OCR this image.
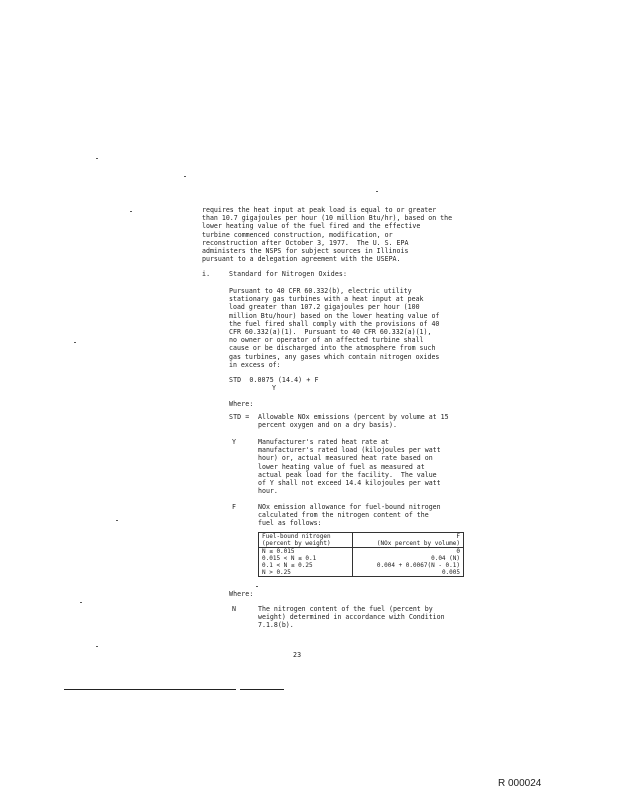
requires the heat input at peak load is equal to or greater
than 10.7 gigajoules per hour (10 million Btu/hr), based on the
lower heating value of the fuel fired and the effective
turbine commenced construction, modification, or
reconstruction after October 3, 1977.  The U. S. EPA
administers the NSPS for subject sources in Illinois
pursuant to a delegation agreement with the USEPA.
i.	Standard for Nitrogen Oxides:
Pursuant to 40 CFR 60.332(b), electric utility
stationary gas turbines with a heat input at peak
load greater than 107.2 gigajoules per hour (100
million Btu/hour) based on the lower heating value of
the fuel fired shall comply with the provisions of 40
CFR 60.332(a)(1).  Pursuant to 40 CFR 60.332(a)(1),
no owner or operator of an affected turbine shall
cause or be discharged into the atmosphere from such
gas turbines, any gases which contain nitrogen oxides
in excess of:
STD  0.0075 (14.4) + F
Y
Where:
STD = Allowable NOx emissions (percent by volume at 15
percent oxygen and on a dry basis).
Y	Manufacturer's rated heat rate at
manufacturer's rated load (kilojoules per watt
hour) or, actual measured heat rate based on
lower heating value of fuel as measured at
actual peak load for the facility.  The value
of Y shall not exceed 14.4 kilojoules per watt
hour.
F	NOx emission allowance for fuel-bound nitrogen
calculated from the nitrogen content of the
fuel as follows:
Fuel-bound nitrogen
(percent by weight)	F
(NOx percent by volume)
N ≤ 0.015	0
0.015 < N ≤ 0.1	0.04 (N)
0.1 < N ≤ 0.25	0.004 + 0.0067(N - 0.1)
N > 0.25	0.005
Where:
N	The nitrogen content of the fuel (percent by
weight) determined in accordance with Condition
7.1.8(b).
23
R 000024
